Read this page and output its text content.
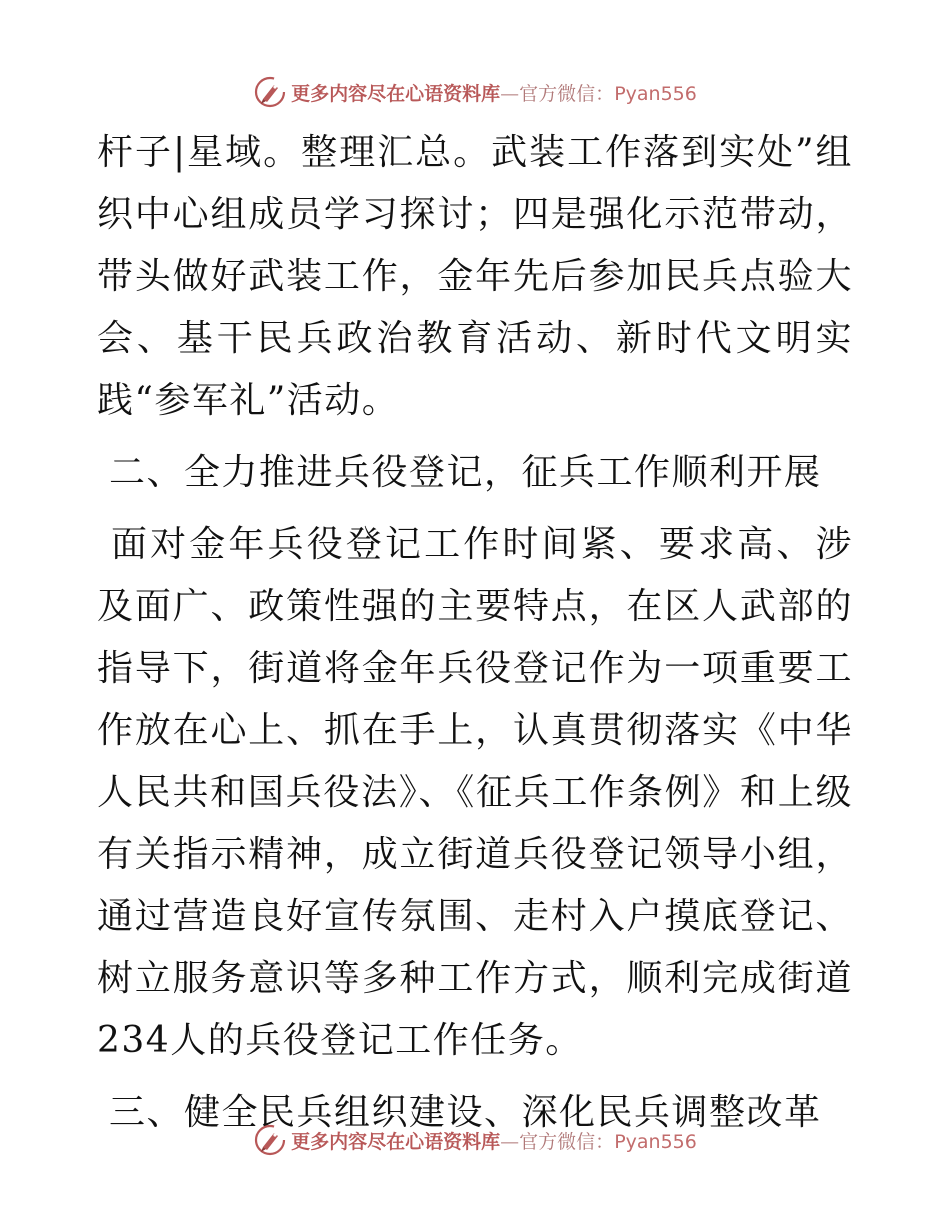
更多内容尽在心语资料库—官方微信：Pyan556

杆子|星域。整理汇总。武装工作落到实处”组织中心组成员学习探讨；四是强化示范带动，带头做好武装工作，金年先后参加民兵点验大会、基干民兵政治教育活动、新时代文明实践“参军礼”活动。

二、全力推进兵役登记，征兵工作顺利开展

面对金年兵役登记工作时间紧、要求高、涉及面广、政策性强的主要特点，在区人武部的指导下，街道将金年兵役登记作为一项重要工作放在心上、抓在手上，认真贯彻落实《中华人民共和国兵役法》、《征兵工作条例》和上级有关指示精神，成立街道兵役登记领导小组，通过营造良好宣传氛围、走村入户摸底登记、树立服务意识等多种工作方式，顺利完成街道234人的兵役登记工作任务。

三、健全民兵组织建设、深化民兵调整改革

更多内容尽在心语资料库—官方微信：Pyan556
